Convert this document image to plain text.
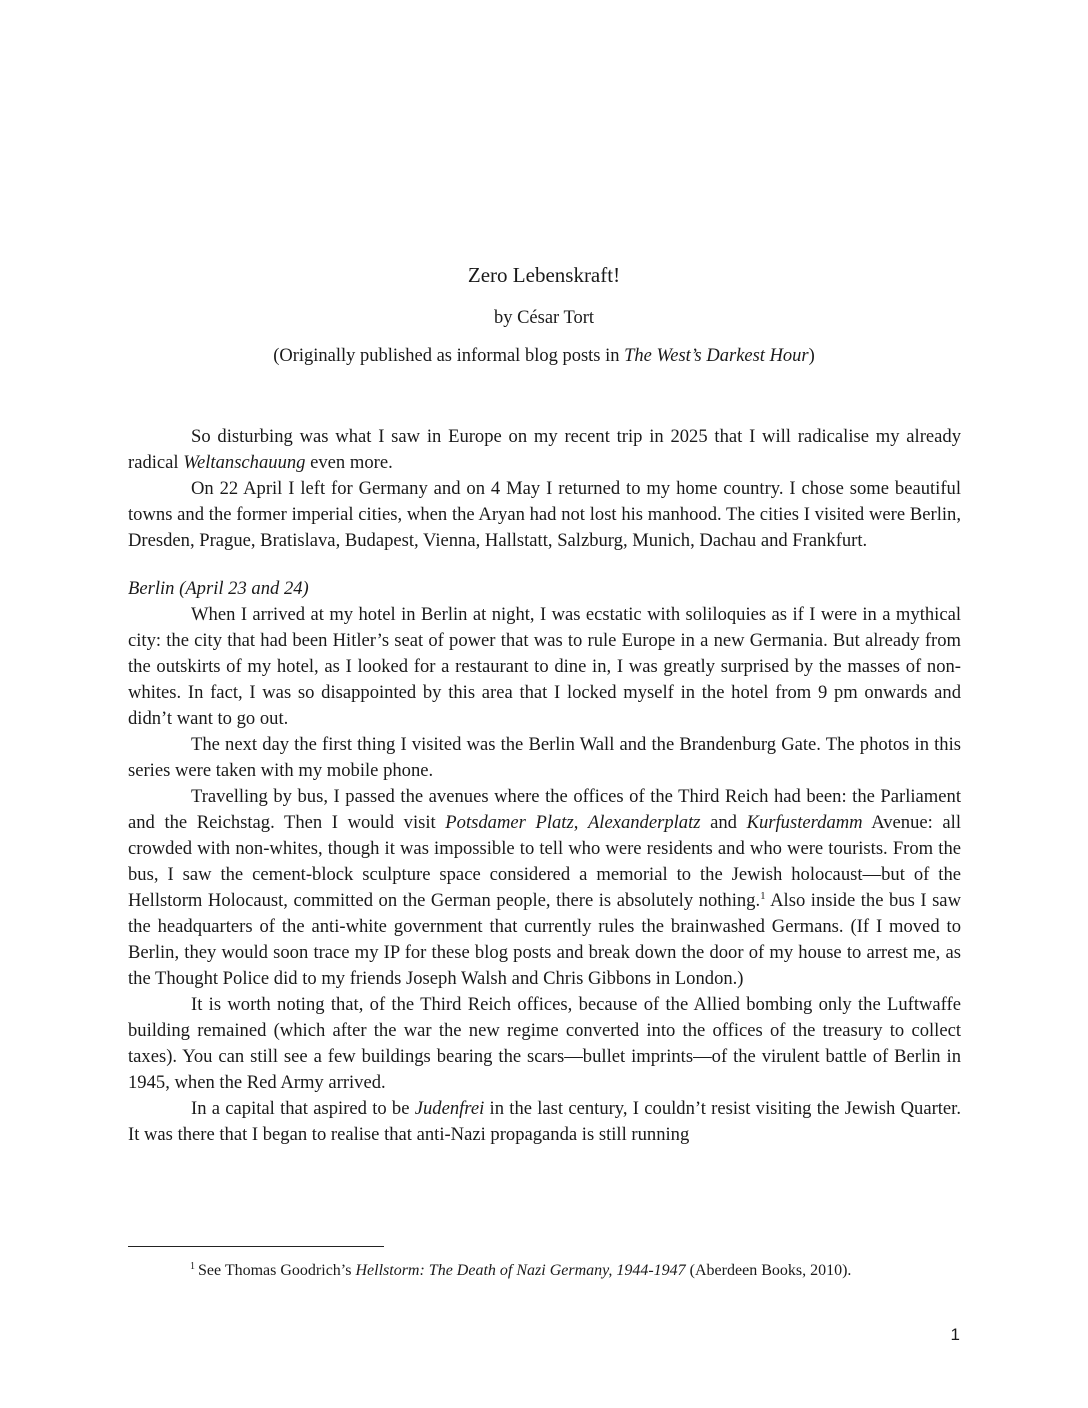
Zero Lebenskraft!
by César Tort
(Originally published as informal blog posts in The West’s Darkest Hour)

So disturbing was what I saw in Europe on my recent trip in 2025 that I will radicalise my already radical Weltanschauung even more.

On 22 April I left for Germany and on 4 May I returned to my home country. I chose some beautiful towns and the former imperial cities, when the Aryan had not lost his manhood. The cities I visited were Berlin, Dresden, Prague, Bratislava, Budapest, Vienna, Hallstatt, Salzburg, Munich, Dachau and Frankfurt.

Berlin (April 23 and 24)

When I arrived at my hotel in Berlin at night, I was ecstatic with soliloquies as if I were in a mythical city: the city that had been Hitler’s seat of power that was to rule Europe in a new Germania. But already from the outskirts of my hotel, as I looked for a restaurant to dine in, I was greatly surprised by the masses of non-whites. In fact, I was so disappointed by this area that I locked myself in the hotel from 9 pm onwards and didn’t want to go out.

The next day the first thing I visited was the Berlin Wall and the Brandenburg Gate. The photos in this series were taken with my mobile phone.

Travelling by bus, I passed the avenues where the offices of the Third Reich had been: the Parliament and the Reichstag. Then I would visit Potsdamer Platz, Alexanderplatz and Kurfusterdamm Avenue: all crowded with non-whites, though it was impossible to tell who were residents and who were tourists. From the bus, I saw the cement-block sculpture space considered a memorial to the Jewish holocaust—but of the Hellstorm Holocaust, committed on the German people, there is absolutely nothing.$^1$ Also inside the bus I saw the headquarters of the anti-white government that currently rules the brainwashed Germans. (If I moved to Berlin, they would soon trace my IP for these blog posts and break down the door of my house to arrest me, as the Thought Police did to my friends Joseph Walsh and Chris Gibbons in London.)

It is worth noting that, of the Third Reich offices, because of the Allied bombing only the Luftwaffe building remained (which after the war the new regime converted into the offices of the treasury to collect taxes). You can still see a few buildings bearing the scars—bullet imprints—of the virulent battle of Berlin in 1945, when the Red Army arrived.

In a capital that aspired to be Judenfrei in the last century, I couldn’t resist visiting the Jewish Quarter. It was there that I began to realise that anti-Nazi propaganda is still running

$^1$ See Thomas Goodrich’s Hellstorm: The Death of Nazi Germany, 1944-1947 (Aberdeen Books, 2010).
1
